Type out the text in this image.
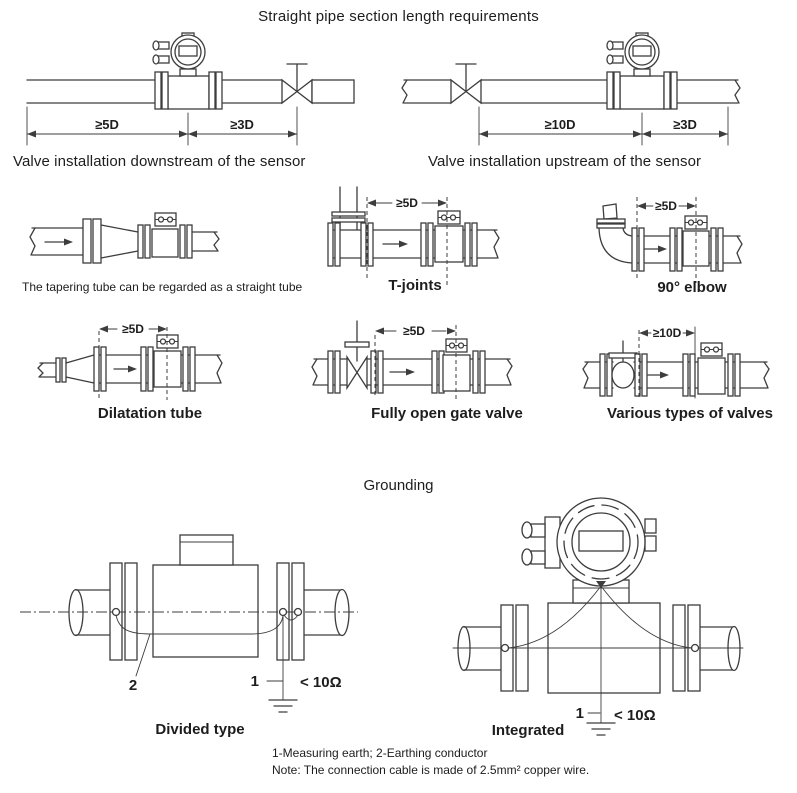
Straight pipe section length requirements
≥5D	≥3D	≥10D	≥3D
Valve installation downstream of the sensor	Valve installation upstream of the sensor
≥5D	≥5D
The tapering tube can be regarded as a straight tube	T-joints	90° elbow
≥5D	≥5D	≥10D
Dilatation tube	Fully open gate valve	Various types of valves
Grounding
1
2	< 10Ω
1 < 10Ω
Divided type	Integrated
1-Measuring earth; 2-Earthing conductor
Note: The connection cable is made of 2.5mm² copper wire.
